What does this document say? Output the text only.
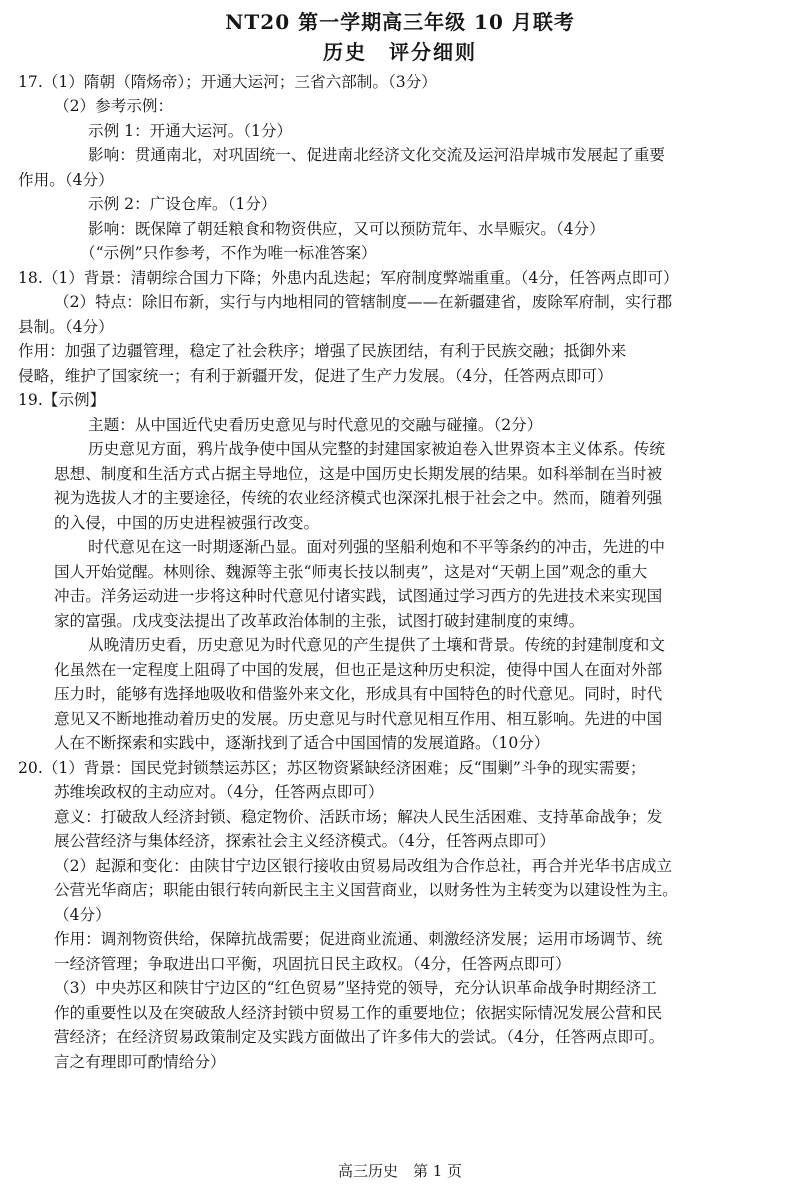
NT20 第一学期高三年级 10 月联考
历史　评分细则
17.（1）隋朝（隋炀帝）；开通大运河；三省六部制。（3分）
（2）参考示例：
示例 1：开通大运河。（1分）
影响：贯通南北，对巩固统一、促进南北经济文化交流及运河沿岸城市发展起了重要
作用。（4分）
示例 2：广设仓库。（1分）
影响：既保障了朝廷粮食和物资供应，又可以预防荒年、水旱赈灾。（4分）
（“示例”只作参考，不作为唯一标准答案）
18.（1）背景：清朝综合国力下降；外患内乱迭起；军府制度弊端重重。（4分，任答两点即可）
（2）特点：除旧布新，实行与内地相同的管辖制度——在新疆建省，废除军府制，实行郡
县制。（4分）
作用：加强了边疆管理，稳定了社会秩序；增强了民族团结，有利于民族交融；抵御外来
侵略，维护了国家统一；有利于新疆开发，促进了生产力发展。（4分，任答两点即可）
19.【示例】
主题：从中国近代史看历史意见与时代意见的交融与碰撞。（2分）
历史意见方面，鸦片战争使中国从完整的封建国家被迫卷入世界资本主义体系。传统
思想、制度和生活方式占据主导地位，这是中国历史长期发展的结果。如科举制在当时被
视为选拔人才的主要途径，传统的农业经济模式也深深扎根于社会之中。然而，随着列强
的入侵，中国的历史进程被强行改变。
时代意见在这一时期逐渐凸显。面对列强的坚船利炮和不平等条约的冲击，先进的中
国人开始觉醒。林则徐、魏源等主张“师夷长技以制夷”，这是对“天朝上国”观念的重大
冲击。洋务运动进一步将这种时代意见付诸实践，试图通过学习西方的先进技术来实现国
家的富强。戊戌变法提出了改革政治体制的主张，试图打破封建制度的束缚。
从晚清历史看，历史意见为时代意见的产生提供了土壤和背景。传统的封建制度和文
化虽然在一定程度上阻碍了中国的发展，但也正是这种历史积淀，使得中国人在面对外部
压力时，能够有选择地吸收和借鉴外来文化，形成具有中国特色的时代意见。同时，时代
意见又不断地推动着历史的发展。历史意见与时代意见相互作用、相互影响。先进的中国
人在不断探索和实践中，逐渐找到了适合中国国情的发展道路。（10分）
20.（1）背景：国民党封锁禁运苏区；苏区物资紧缺经济困难；反“围剿”斗争的现实需要；
苏维埃政权的主动应对。（4分，任答两点即可）
意义：打破敌人经济封锁、稳定物价、活跃市场；解决人民生活困难、支持革命战争；发
展公营经济与集体经济，探索社会主义经济模式。（4分，任答两点即可）
（2）起源和变化：由陕甘宁边区银行接收由贸易局改组为合作总社，再合并光华书店成立
公营光华商店；职能由银行转向新民主主义国营商业，以财务性为主转变为以建设性为主。
（4分）
作用：调剂物资供给，保障抗战需要；促进商业流通、刺激经济发展；运用市场调节、统
一经济管理；争取进出口平衡，巩固抗日民主政权。（4分，任答两点即可）
（3）中央苏区和陕甘宁边区的“红色贸易”坚持党的领导，充分认识革命战争时期经济工
作的重要性以及在突破敌人经济封锁中贸易工作的重要地位；依据实际情况发展公营和民
营经济；在经济贸易政策制定及实践方面做出了许多伟大的尝试。（4分，任答两点即可。
言之有理即可酌情给分）
高三历史　第 1 页
